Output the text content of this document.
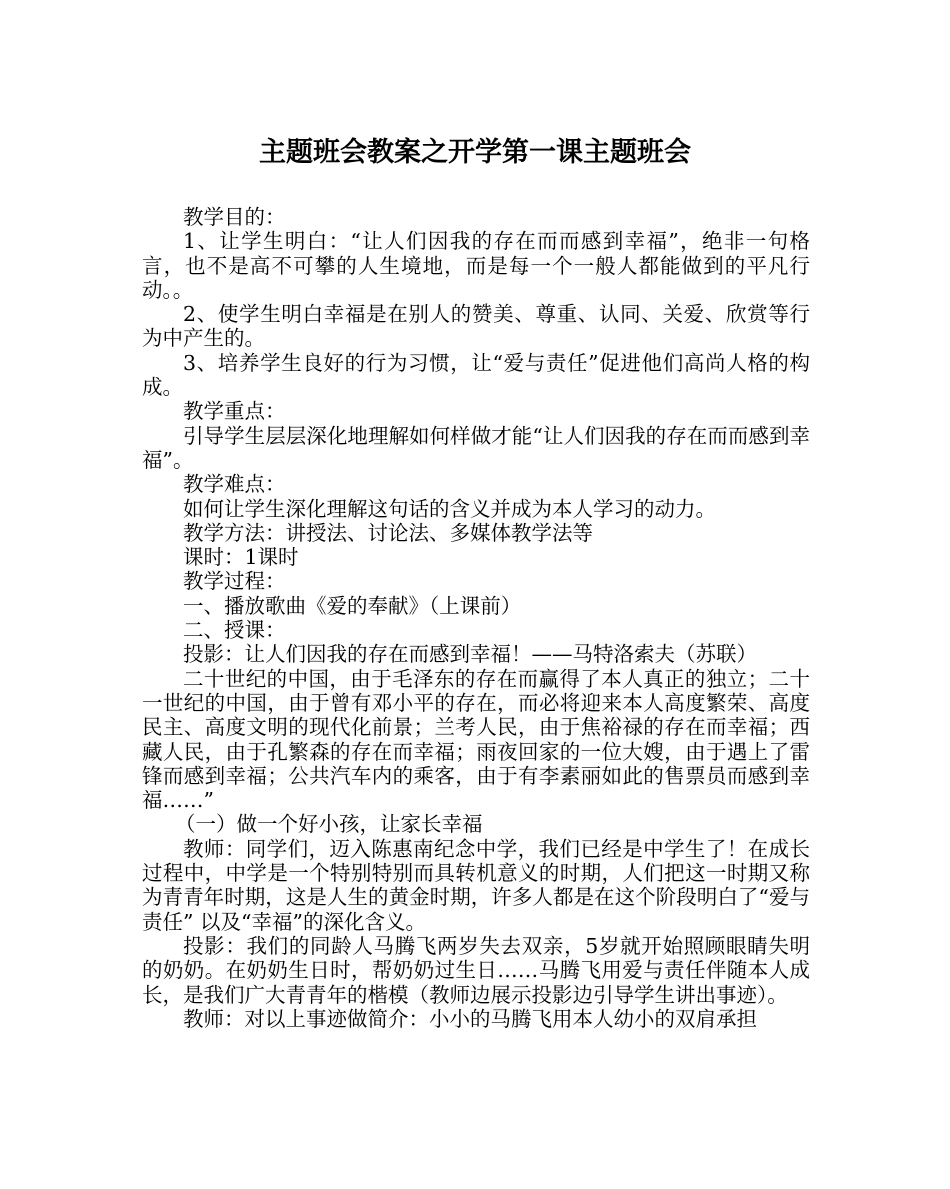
主题班会教案之开学第一课主题班会

教学目的：

1、让学生明白：“让人们因我的存在而而感到幸福”，绝非一句格言，也不是高不可攀的人生境地，而是每一个一般人都能做到的平凡行动。。

2、使学生明白幸福是在别人的赞美、尊重、认同、关爱、欣赏等行为中产生的。

3、培养学生良好的行为习惯，让“爱与责任”促进他们高尚人格的构成。

教学重点：

引导学生层层深化地理解如何样做才能“让人们因我的存在而而感到幸福”。

教学难点：

如何让学生深化理解这句话的含义并成为本人学习的动力。

教学方法：讲授法、讨论法、多媒体教学法等

课时：1课时

教学过程：

一、播放歌曲《爱的奉献》（上课前）

二、授课：

投影：让人们因我的存在而感到幸福！——马特洛索夫（苏联）

二十世纪的中国，由于毛泽东的存在而赢得了本人真正的独立；二十一世纪的中国，由于曾有邓小平的存在，而必将迎来本人高度繁荣、高度民主、高度文明的现代化前景；兰考人民，由于焦裕禄的存在而幸福；西藏人民，由于孔繁森的存在而幸福；雨夜回家的一位大嫂，由于遇上了雷锋而感到幸福；公共汽车内的乘客，由于有李素丽如此的售票员而感到幸福……”

（一）做一个好小孩，让家长幸福

教师：同学们，迈入陈惠南纪念中学，我们已经是中学生了！在成长过程中，中学是一个特别特别而具转机意义的时期，人们把这一时期又称为青青年时期，这是人生的黄金时期，许多人都是在这个阶段明白了“爱与责任” 以及“幸福”的深化含义。

投影：我们的同龄人马腾飞两岁失去双亲，5岁就开始照顾眼睛失明的奶奶。在奶奶生日时，帮奶奶过生日……马腾飞用爱与责任伴随本人成长，是我们广大青青年的楷模（教师边展示投影边引导学生讲出事迹）。

教师：对以上事迹做简介：小小的马腾飞用本人幼小的双肩承担
